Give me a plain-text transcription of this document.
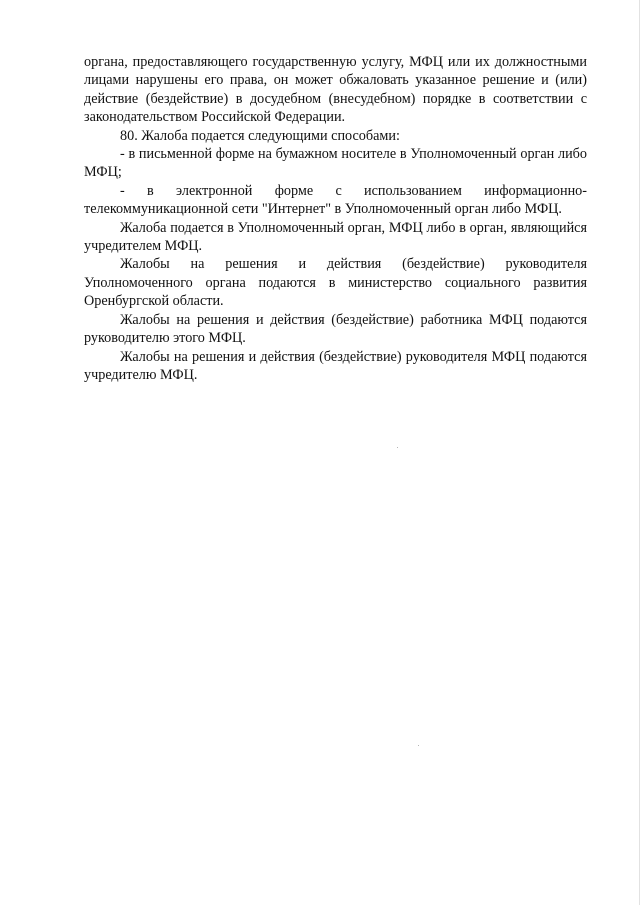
органа, предоставляющего государственную услугу, МФЦ или их должностными лицами нарушены его права, он может обжаловать указанное решение и (или) действие (бездействие) в досудебном (внесудебном) порядке в соответствии с законодательством Российской Федерации.

80. Жалоба подается следующими способами:

- в письменной форме на бумажном носителе в Уполномоченный орган либо МФЦ;

- в электронной форме с использованием информационно-телекоммуникационной сети "Интернет" в Уполномоченный орган либо МФЦ.

Жалоба подается в Уполномоченный орган, МФЦ либо в орган, являющийся учредителем МФЦ.

Жалобы на решения и действия (бездействие) руководителя Уполномоченного органа подаются в министерство социального развития Оренбургской области.

Жалобы на решения и действия (бездействие) работника МФЦ подаются руководителю этого МФЦ.

Жалобы на решения и действия (бездействие) руководителя МФЦ подаются учредителю МФЦ.
